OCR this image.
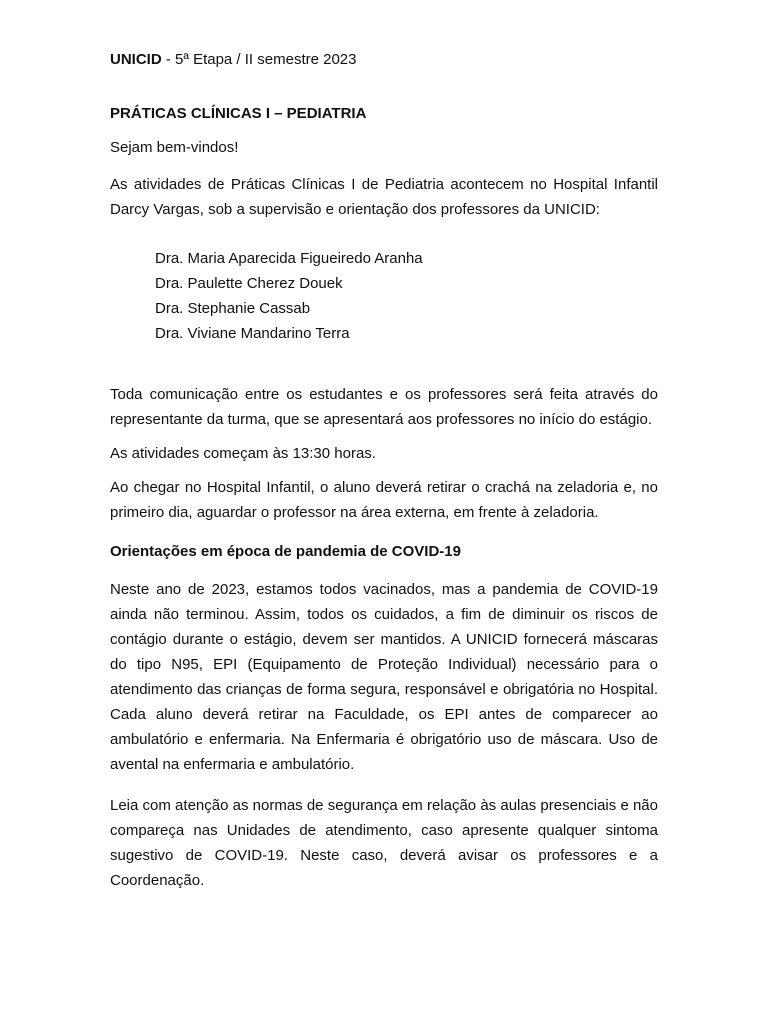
UNICID - 5ª Etapa / II semestre 2023

PRÁTICAS CLÍNICAS I – PEDIATRIA

Sejam bem-vindos!

As atividades de Práticas Clínicas I de Pediatria acontecem no Hospital Infantil Darcy Vargas, sob a supervisão e orientação dos professores da UNICID:

Dra. Maria Aparecida Figueiredo Aranha
Dra. Paulette Cherez Douek
Dra. Stephanie Cassab
Dra. Viviane Mandarino Terra

Toda comunicação entre os estudantes e os professores será feita através do representante da turma, que se apresentará aos professores no início do estágio.

As atividades começam às 13:30 horas.

Ao chegar no Hospital Infantil, o aluno deverá retirar o crachá na zeladoria e, no primeiro dia, aguardar o professor na área externa, em frente à zeladoria.

Orientações em época de pandemia de COVID-19

Neste ano de 2023, estamos todos vacinados, mas a pandemia de COVID-19 ainda não terminou. Assim, todos os cuidados, a fim de diminuir os riscos de contágio durante o estágio, devem ser mantidos. A UNICID fornecerá máscaras do tipo N95, EPI (Equipamento de Proteção Individual) necessário para o atendimento das crianças de forma segura, responsável e obrigatória no Hospital. Cada aluno deverá retirar na Faculdade, os EPI antes de comparecer ao ambulatório e enfermaria. Na Enfermaria é obrigatório uso de máscara. Uso de avental na enfermaria e ambulatório.

Leia com atenção as normas de segurança em relação às aulas presenciais e não compareça nas Unidades de atendimento, caso apresente qualquer sintoma sugestivo de COVID-19. Neste caso, deverá avisar os professores e a Coordenação.
